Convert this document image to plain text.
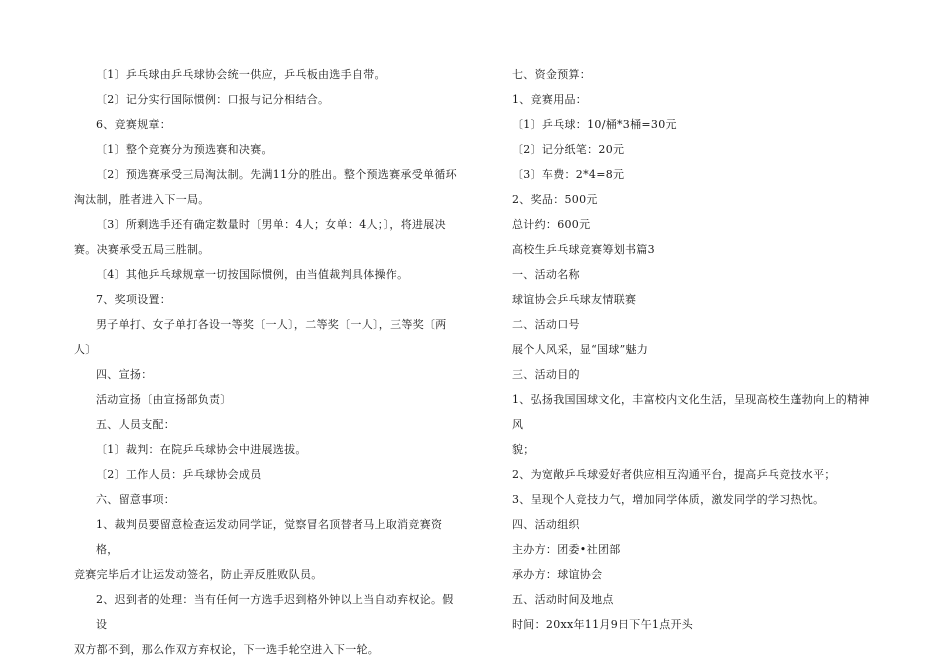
〔1〕乒乓球由乒乓球协会统一供应，乒乓板由选手自带。

〔2〕记分实行国际惯例：口报与记分相结合。

6、竞赛规章：

〔1〕整个竞赛分为预选赛和决赛。

〔2〕预选赛承受三局淘汰制。先满11分的胜出。整个预选赛承受单循环

淘汰制，胜者进入下一局。

〔3〕所剩选手还有确定数量时〔男单：4人；女单：4人；〕，将进展决

赛。决赛承受五局三胜制。

〔4〕其他乒乓球规章一切按国际惯例，由当值裁判具体操作。

7、奖项设置：

男子单打、女子单打各设一等奖〔一人〕，二等奖〔一人〕，三等奖〔两

人〕

四、宣扬：

活动宣扬〔由宣扬部负责〕

五、人员支配：

〔1〕裁判：在院乒乓球协会中进展选拔。

〔2〕工作人员：乒乓球协会成员

六、留意事项：

1、裁判员要留意检查运发动同学证，觉察冒名顶替者马上取消竞赛资格，

竞赛完毕后才让运发动签名，防止弄反胜败队员。

2、迟到者的处理：当有任何一方选手迟到格外钟以上当自动弃权论。假设

双方都不到，那么作双方弃权论，下一选手轮空进入下一轮。

七、资金预算：

1、竞赛用品：

〔1〕乒乓球：10/桶*3桶=30元

〔2〕记分纸笔：20元

〔3〕车费：2*4=8元

2、奖品：500元

总计约：600元

高校生乒乓球竞赛筹划书篇3

一、活动名称

球谊协会乒乓球友情联赛

二、活动口号

展个人风采，显“国球”魅力

三、活动目的

1、弘扬我国国球文化，丰富校内文化生活，呈现高校生蓬勃向上的精神风

貌；

2、为宽敞乒乓球爱好者供应相互沟通平台，提高乒乓竞技水平；

3、呈现个人竞技力气，增加同学体质，激发同学的学习热忱。

四、活动组织

主办方：团委•社团部

承办方：球谊协会

五、活动时间及地点

时间：20xx年11月9日下午1点开头
